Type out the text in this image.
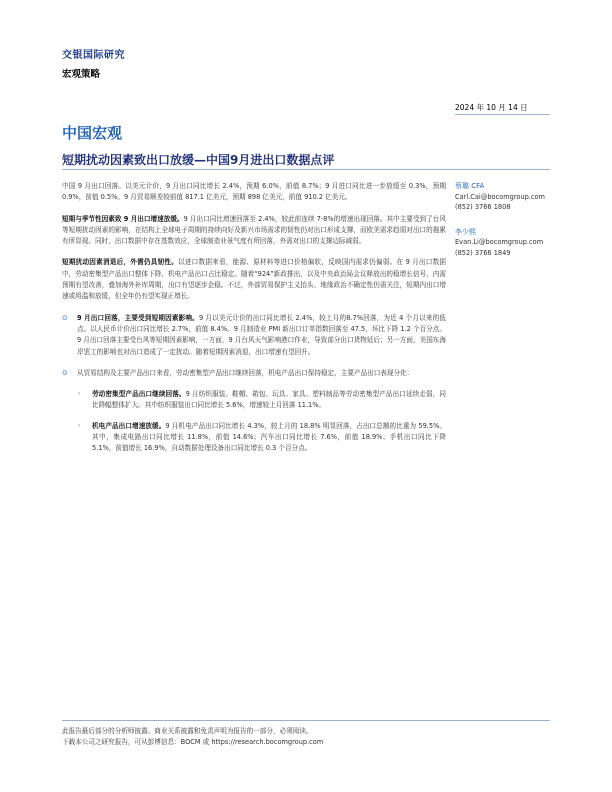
交银国际研究
宏观策略
2024 年 10 月 14 日
中国宏观
短期扰动因素致出口放缓—中国9月进出口数据点评

中国 9 月出口回落。以美元计价，9 月出口同比增长 2.4%，预期 6.0%，前值 8.7%；9 月进口同比进一步放缓至 0.3%，预期 0.9%，前值 0.5%。9 月贸易顺差较前值 817.1 亿美元，预期 898 亿美元，前值 910.2 亿美元。

短期与季节性因素致 9 月出口增速放缓。9 月出口同比增速回落至 2.4%，较此前连续 7-8%的增速出现回落。其中主要受到了台风等短期扰动因素的影响，在结构上全球电子周期的持续向好及新兴市场需求的韧性仍对出口形成支撑，而欧美需求趋弱对出口的拖累有所显现。同时，出口数据中存在基数效应，全球制造业景气度有所回落，外需对出口的支撑边际减弱。

短期扰动因素消退后，外需仍具韧性。以进口数据来看，能源、原材料等进口价格偏软，反映国内需求仍偏弱。在 9 月出口数据中，劳动密集型产品出口整体下降，机电产品出口占比稳定。随着“924”新政推出，以及中央政治局会议释放出的稳增长信号，内需预期有望改善，叠加海外补库周期，出口有望逐步企稳。不过，外部贸易保护主义抬头、地缘政治不确定性仍需关注，短期内出口增速或将温和放缓，但全年仍有望实现正增长。

⊙ 9 月出口回落，主要受到短期因素影响。9 月以美元计价的出口同比增长 2.4%，较上月的8.7%回落，为近 4 个月以来的低点。以人民币计价出口同比增长 2.7%，前值 8.4%。9 月制造业 PMI 新出口订单指数回落至 47.5，环比下降 1.2 个百分点。9 月出口回落主要受台风等短期因素影响，一方面，9 月台风天气影响港口作业，导致部分出口货物延后；另一方面，美国东海岸罢工的影响也对出口造成了一定扰动。随着短期因素消退，出口增速有望回升。
⊙ 从贸易结构及主要产品出口来看，劳动密集型产品出口继续回落，机电产品出口保持稳定，主要产品出口表现分化：
◦ 劳动密集型产品出口继续回落。9 月纺织服装、鞋帽、箱包、玩具、家具、塑料制品等劳动密集型产品出口延续走弱，同比降幅整体扩大。其中纺织服装出口同比增长 5.6%，增速较上月回落 11.1%。
◦ 机电产品出口增速放缓。9 月机电产品出口同比增长 4.3%，较上月的 18.8% 明显回落，占出口总额的比重为 59.5%。其中，集成电路出口同比增长 11.8%，前值 14.6%；汽车出口同比增长 7.6%，前值 18.9%；手机出口同比下降 5.1%，前值增长 16.9%，自动数据处理设备出口同比增长 0.3 个百分点。
蔡璐 CFA
Carl.Cai@bocomgroup.com
(852) 3766 1808
李少熙
Evan.Li@bocomgroup.com
(852) 3766 1849
此报告最后部分的分析师披露、商业关系披露和免责声明为报告的一部分，必须阅读。
下载本公司之研究报告，可从彭博信息：BOCM 或 https://research.bocomgroup.com
